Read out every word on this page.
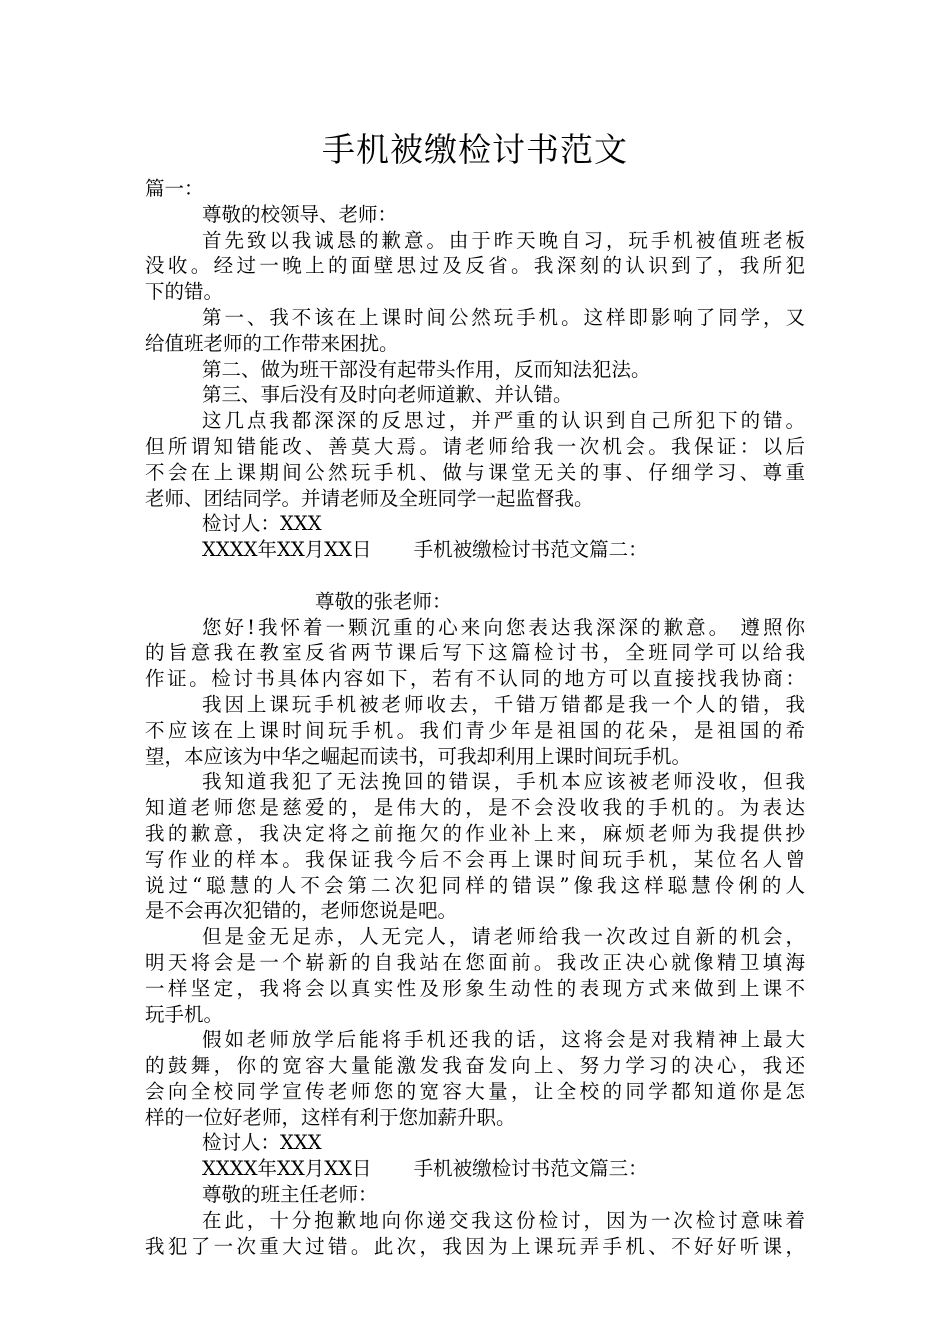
手机被缴检讨书范文
篇一：
尊敬的校领导、老师：
首先致以我诚恳的歉意。由于昨天晚自习，玩手机被值班老板
没收。经过一晚上的面壁思过及反省。我深刻的认识到了，我所犯
下的错。
第一、我不该在上课时间公然玩手机。这样即影响了同学，又
给值班老师的工作带来困扰。
第二、做为班干部没有起带头作用，反而知法犯法。
第三、事后没有及时向老师道歉、并认错。
这几点我都深深的反思过，并严重的认识到自己所犯下的错。
但所谓知错能改、善莫大焉。请老师给我一次机会。我保证：以后
不会在上课期间公然玩手机、做与课堂无关的事、仔细学习、尊重
老师、团结同学。并请老师及全班同学一起监督我。
检讨人：XXX
XXXX年XX月XX日 手机被缴检讨书范文篇二：
尊敬的张老师：
您好!我怀着一颗沉重的心来向您表达我深深的歉意。 遵照你
的旨意我在教室反省两节课后写下这篇检讨书，全班同学可以给我
作证。检讨书具体内容如下，若有不认同的地方可以直接找我协商：
我因上课玩手机被老师收去，千错万错都是我一个人的错，我
不应该在上课时间玩手机。我们青少年是祖国的花朵，是祖国的希
望，本应该为中华之崛起而读书，可我却利用上课时间玩手机。
我知道我犯了无法挽回的错误，手机本应该被老师没收，但我
知道老师您是慈爱的，是伟大的，是不会没收我的手机的。为表达
我的歉意，我决定将之前拖欠的作业补上来，麻烦老师为我提供抄
写作业的样本。我保证我今后不会再上课时间玩手机，某位名人曾
说过“聪慧的人不会第二次犯同样的错误”像我这样聪慧伶俐的人
是不会再次犯错的，老师您说是吧。
但是金无足赤，人无完人，请老师给我一次改过自新的机会，
明天将会是一个崭新的自我站在您面前。我改正决心就像精卫填海
一样坚定，我将会以真实性及形象生动性的表现方式来做到上课不
玩手机。
假如老师放学后能将手机还我的话，这将会是对我精神上最大
的鼓舞，你的宽容大量能激发我奋发向上、努力学习的决心，我还
会向全校同学宣传老师您的宽容大量，让全校的同学都知道你是怎
样的一位好老师，这样有利于您加薪升职。
检讨人：XXX
XXXX年XX月XX日 手机被缴检讨书范文篇三：
尊敬的班主任老师：
在此，十分抱歉地向你递交我这份检讨，因为一次检讨意味着
我犯了一次重大过错。此次，我因为上课玩弄手机、不好好听课，
